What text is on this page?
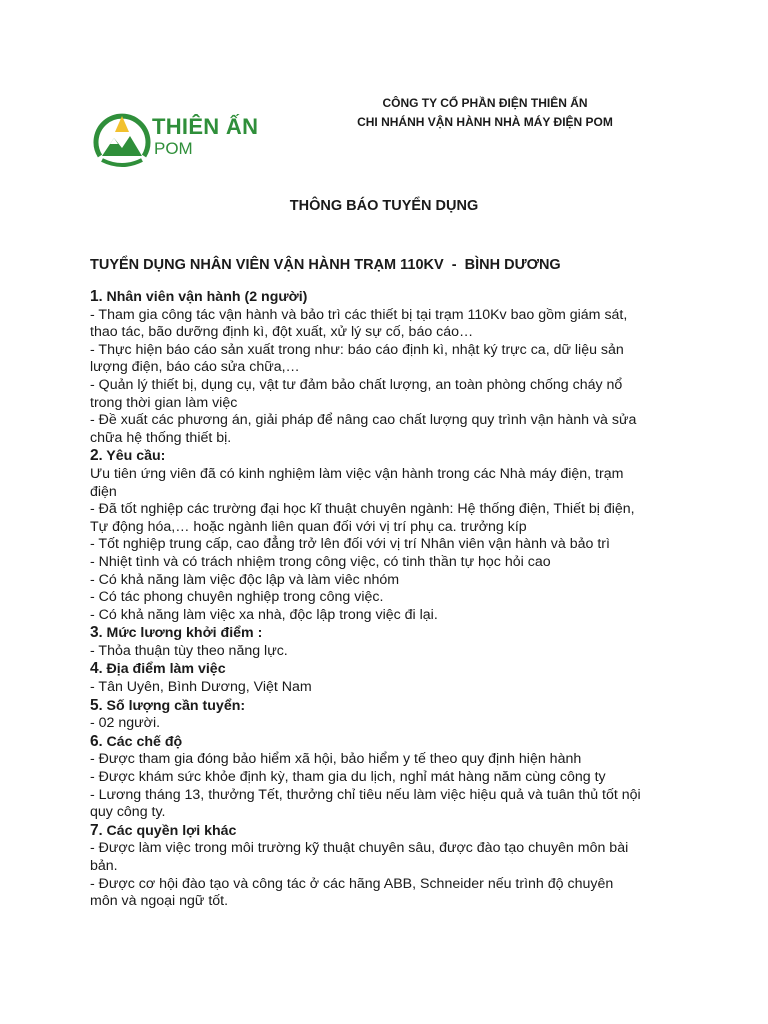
THIÊN ẤN
POM
CÔNG TY CỔ PHẦN ĐIỆN THIÊN ẤN
CHI NHÁNH VẬN HÀNH NHÀ MÁY ĐIỆN POM
THÔNG BÁO TUYỂN DỤNG
TUYỂN DỤNG NHÂN VIÊN VẬN HÀNH TRẠM 110KV  -  BÌNH DƯƠNG

1. Nhân viên vận hành (2 người)

- Tham gia công tác vận hành và bảo trì các thiết bị tại trạm 110Kv bao gồm giám sát,

thao tác, bão dưỡng định kì, đột xuất, xử lý sự cố, báo cáo…

- Thực hiện báo cáo sản xuất trong như: báo cáo định kì, nhật ký trực ca, dữ liệu sản

lượng điện, báo cáo sửa chữa,…

- Quản lý thiết bị, dụng cụ, vật tư đảm bảo chất lượng, an toàn phòng chống cháy nổ

trong thời gian làm việc

- Đề xuất các phương án, giải pháp để nâng cao chất lượng quy trình vận hành và sửa

chữa hệ thống thiết bị.

2. Yêu cầu:

Ưu tiên ứng viên đã có kinh nghiệm làm việc vận hành trong các Nhà máy điện, trạm

điện

- Đã tốt nghiệp các trường đại học kĩ thuật chuyên ngành: Hệ thống điện, Thiết bị điện,

Tự động hóa,… hoặc ngành liên quan đối với vị trí phụ ca. trưởng kíp

- Tốt nghiệp trung cấp, cao đẳng trở lên đối với vị trí Nhân viên vận hành và bảo trì

- Nhiệt tình và có trách nhiệm trong công việc, có tinh thần tự học hỏi cao

- Có khả năng làm việc độc lập và làm viêc nhóm

- Có tác phong chuyên nghiệp trong công việc.

- Có khả năng làm việc xa nhà, độc lập trong việc đi lại.

3. Mức lương khởi điểm :

- Thỏa thuận tùy theo năng lực.

4. Địa điểm làm việc

- Tân Uyên, Bình Dương, Việt Nam

5. Số lượng cần tuyển:

- 02 người.

6. Các chế độ

- Được tham gia đóng bảo hiểm xã hội, bảo hiểm y tế theo quy định hiện hành

- Được khám sức khỏe định kỳ, tham gia du lịch, nghỉ mát hàng năm cùng công ty

- Lương tháng 13, thưởng Tết, thưởng chỉ tiêu nếu làm việc hiệu quả và tuân thủ tốt nội

quy công ty.

7. Các quyền lợi khác

- Được làm việc trong môi trường kỹ thuật chuyên sâu, được đào tạo chuyên môn bài

bản.

- Được cơ hội đào tạo và công tác ở các hãng ABB, Schneider nếu trình độ chuyên

môn và ngoại ngữ tốt.
